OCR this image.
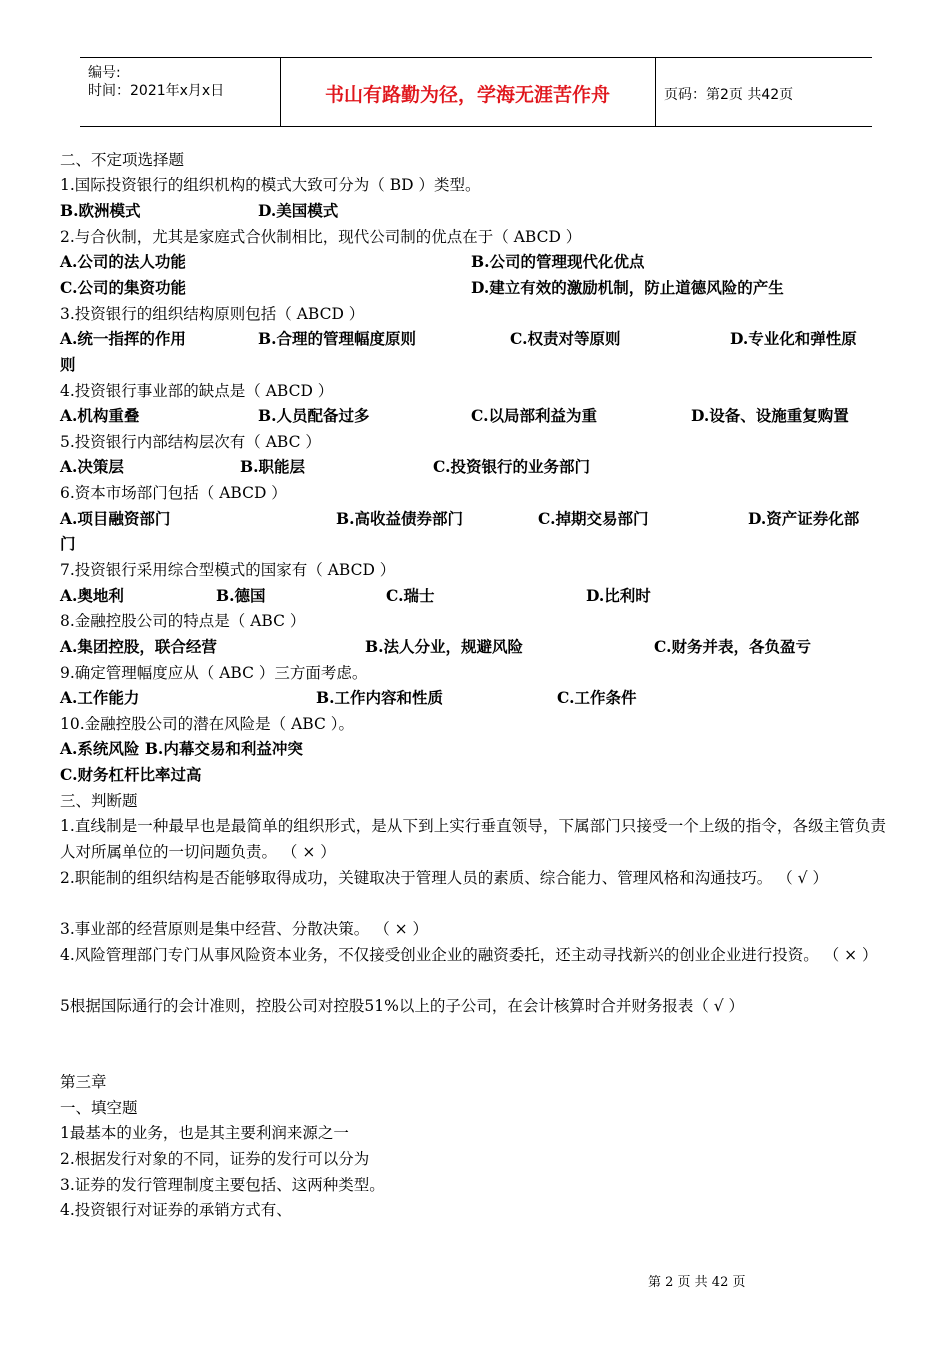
编号:
时间：2021年x月x日	书山有路勤为径，学海无涯苦作舟	页码：第2页 共42页
二、不定项选择题
1.国际投资银行的组织机构的模式大致可分为（ BD ）类型。
B.欧洲模式	D.美国模式
2.与合伙制，尤其是家庭式合伙制相比，现代公司制的优点在于（ ABCD ）
A.公司的法人功能	B.公司的管理现代化优点
C.公司的集资功能	D.建立有效的激励机制，防止道德风险的产生
3.投资银行的组织结构原则包括（ ABCD ）
A.统一指挥的作用	B.合理的管理幅度原则	C.权责对等原则	D.专业化和弹性原
则
4.投资银行事业部的缺点是（ ABCD ）
A.机构重叠	B.人员配备过多	C.以局部利益为重	D.设备、设施重复购置
5.投资银行内部结构层次有（ ABC ）
A.决策层	B.职能层	C.投资银行的业务部门
6.资本市场部门包括（ ABCD ）
A.项目融资部门	B.高收益债券部门	C.掉期交易部门	D.资产证券化部
门
7.投资银行采用综合型模式的国家有（ ABCD ）
A.奥地利	B.德国	C.瑞士	D.比利时
8.金融控股公司的特点是（ ABC ）
A.集团控股，联合经营	B.法人分业，规避风险	C.财务并表，各负盈亏
9.确定管理幅度应从（ ABC ）三方面考虑。
A.工作能力	B.工作内容和性质	C.工作条件
10.金融控股公司的潜在风险是（ ABC ）。
A.系统风险 B.内幕交易和利益冲突
C.财务杠杆比率过高
三、判断题
1.直线制是一种最早也是最简单的组织形式，是从下到上实行垂直领导，下属部门只接受一个上级的指令，各级主管负责人对所属单位的一切问题负责。 （ × ）
2.职能制的组织结构是否能够取得成功，关键取决于管理人员的素质、综合能力、管理风格和沟通技巧。 （ √ ）
3.事业部的经营原则是集中经营、分散决策。 （ × ）
4.风险管理部门专门从事风险资本业务，不仅接受创业企业的融资委托，还主动寻找新兴的创业企业进行投资。 （ × ）
5根据国际通行的会计准则，控股公司对控股51%以上的子公司，在会计核算时合并财务报表（ √ ）
第三章
一、填空题
1最基本的业务，也是其主要利润来源之一
2.根据发行对象的不同，证券的发行可以分为
3.证券的发行管理制度主要包括、这两种类型。
4.投资银行对证券的承销方式有、
第 2 页 共 42 页
